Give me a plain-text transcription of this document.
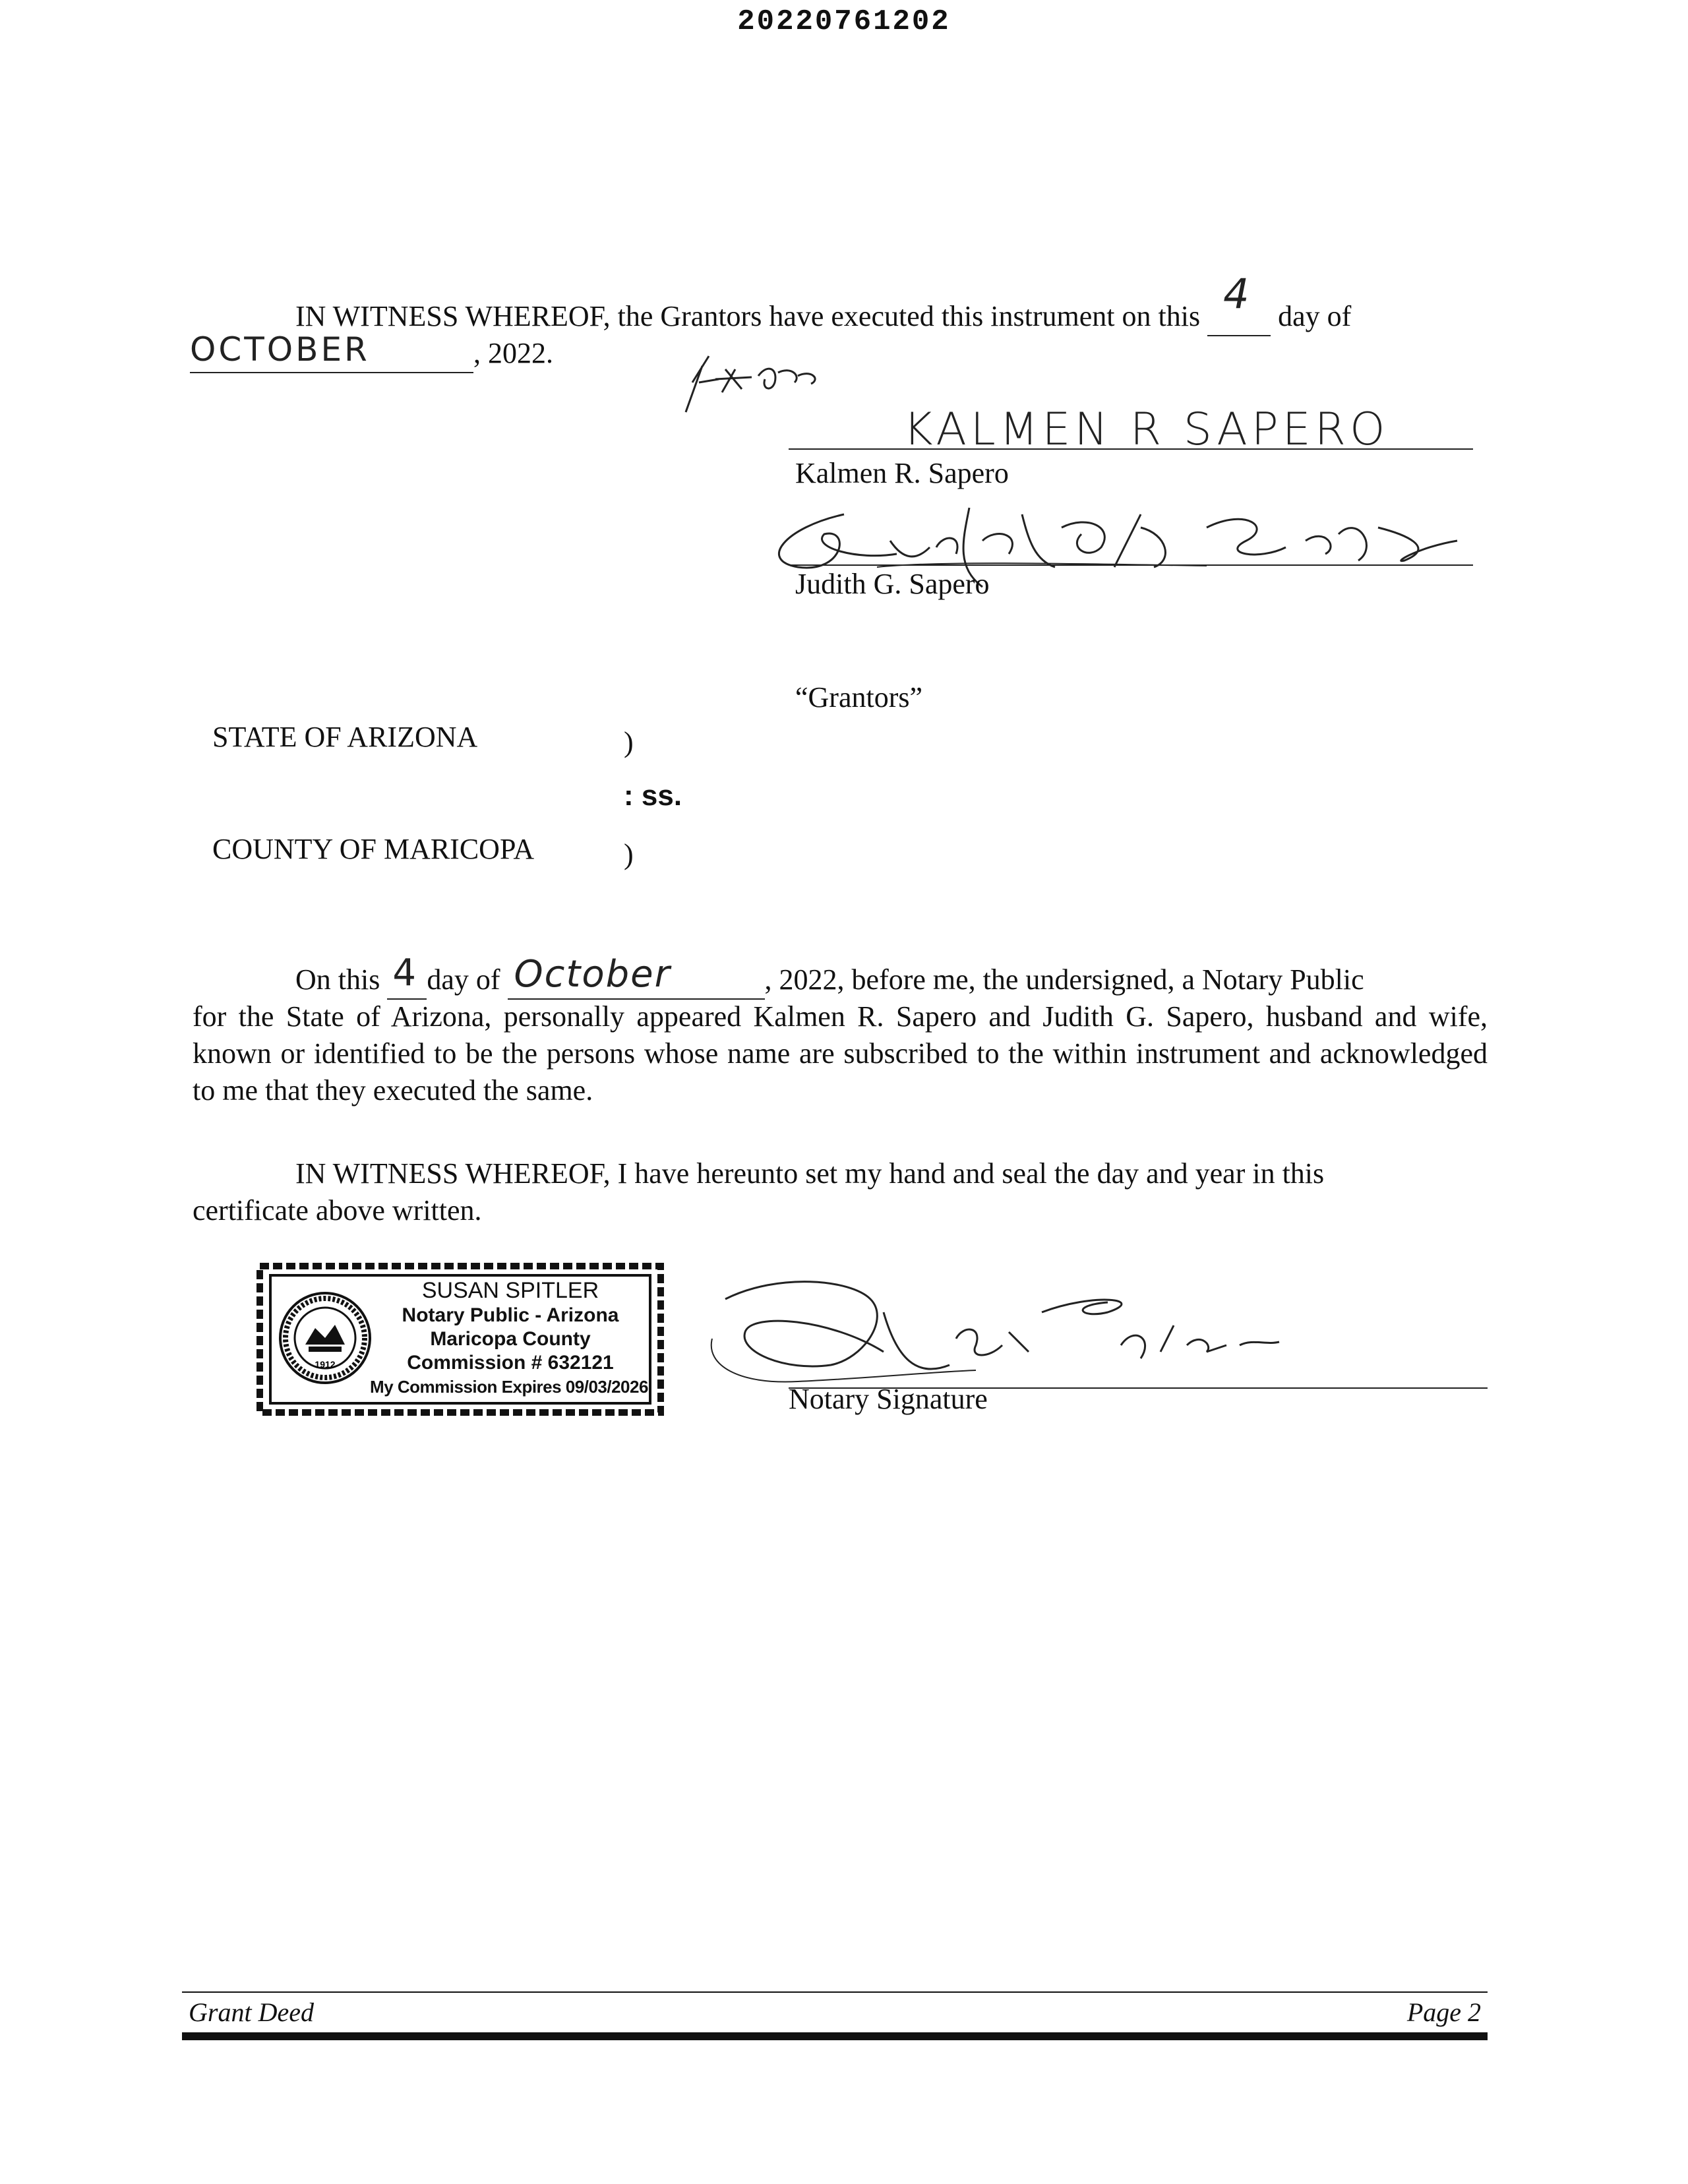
20220761202
IN WITNESS WHEREOF, the Grantors have executed this instrument on this 4 day of
OCTOBER	, 2022.
KALMEN R SAPERO
Kalmen R. Sapero
Judith G. Sapero
“Grantors”
STATE OF ARIZONA	)
: ss.
COUNTY OF MARICOPA	)
On this 4 day of October	, 2022, before me, the undersigned, a Notary Public
for the State of Arizona, personally appeared Kalmen R. Sapero and Judith G. Sapero, husband and wife, known or identified to be the persons whose name are subscribed to the within instrument and acknowledged to me that they executed the same.
IN WITNESS WHEREOF, I have hereunto set my hand and seal the day and year in this
certificate above written.
1912
SUSAN SPITLER
Notary Public - Arizona
Maricopa County
Commission # 632121
My Commission Expires 09/03/2026	Notary Signature
Grant Deed	Page 2
